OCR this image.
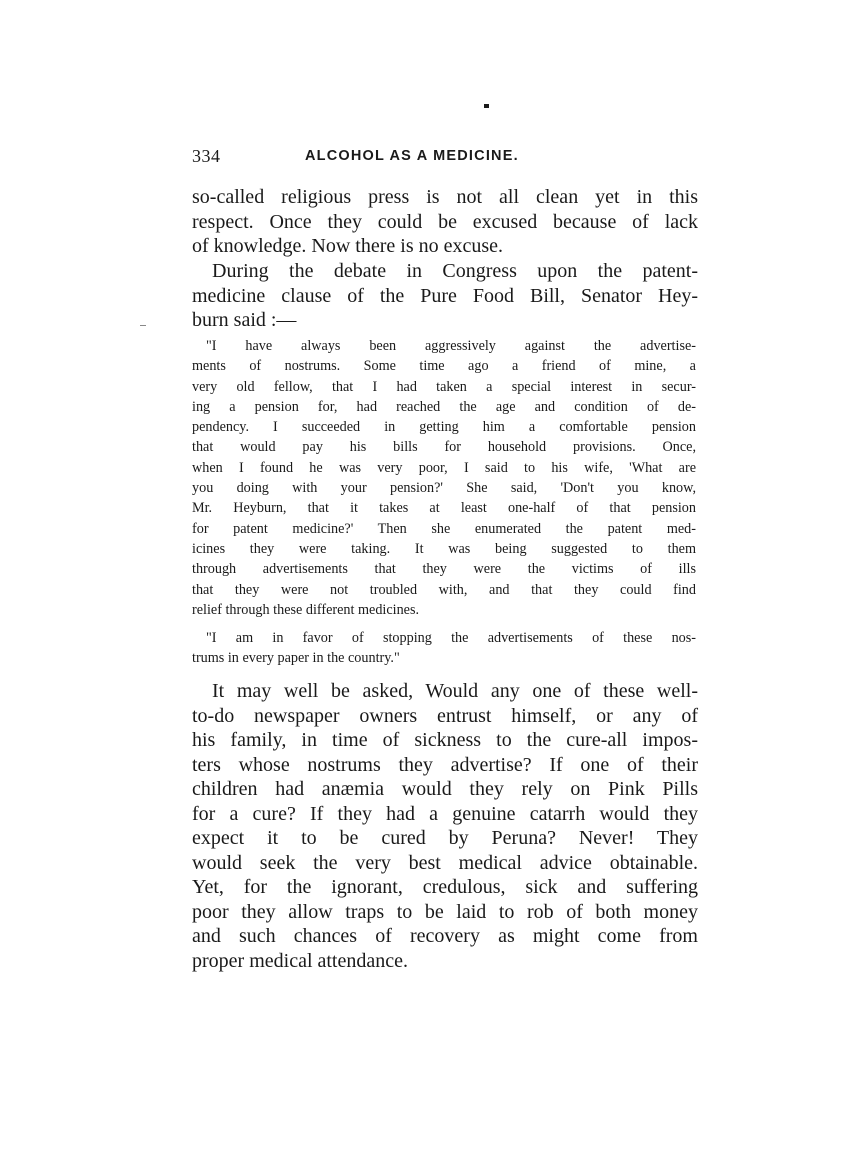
334	ALCOHOL AS A MEDICINE.

so-called religious press is not all clean yet in this
respect. Once they could be excused because of lack
of knowledge. Now there is no excuse.

During the debate in Congress upon the patent-
medicine clause of the Pure Food Bill, Senator Hey-
burn said :—

"I have always been aggressively against the advertise-
ments of nostrums. Some time ago a friend of mine, a
very old fellow, that I had taken a special interest in secur-
ing a pension for, had reached the age and condition of de-
pendency. I succeeded in getting him a comfortable pension
that would pay his bills for household provisions. Once,
when I found he was very poor, I said to his wife, 'What are
you doing with your pension?' She said, 'Don't you know,
Mr. Heyburn, that it takes at least one-half of that pension
for patent medicine?' Then she enumerated the patent med-
icines they were taking. It was being suggested to them
through advertisements that they were the victims of ills
that they were not troubled with, and that they could find
relief through these different medicines.

"I am in favor of stopping the advertisements of these nos-
trums in every paper in the country."

It may well be asked, Would any one of these well-
to-do newspaper owners entrust himself, or any of
his family, in time of sickness to the cure-all impos-
ters whose nostrums they advertise? If one of their
children had anæmia would they rely on Pink Pills
for a cure? If they had a genuine catarrh would they
expect it to be cured by Peruna? Never! They
would seek the very best medical advice obtainable.
Yet, for the ignorant, credulous, sick and suffering
poor they allow traps to be laid to rob of both money
and such chances of recovery as might come from
proper medical attendance.
